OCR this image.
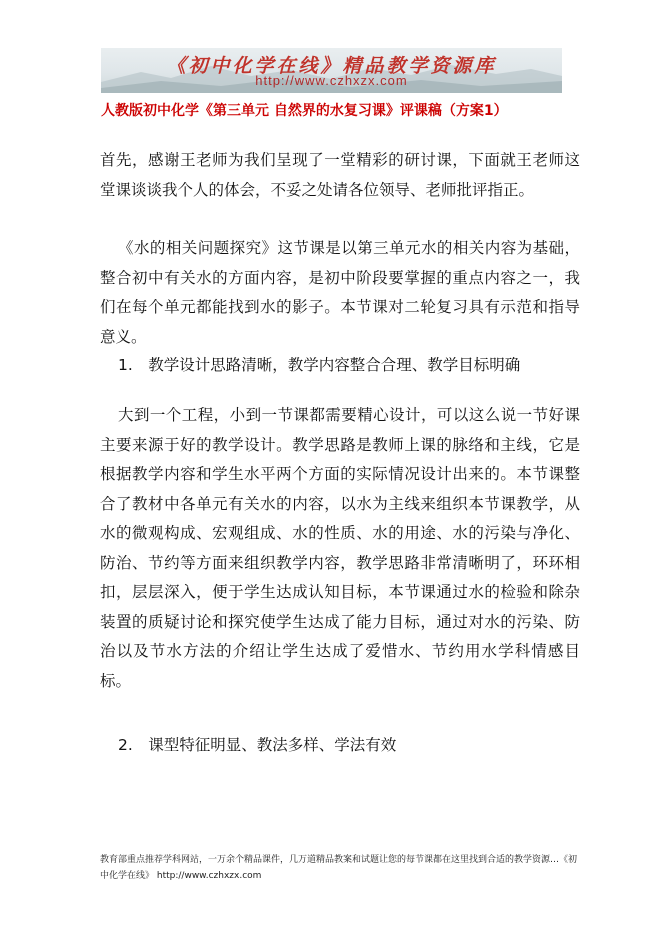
《初中化学在线》精品教学资源库
http://www.czhxzx.com
人教版初中化学《第三单元 自然界的水复习课》评课稿（方案1）
首先，感谢王老师为我们呈现了一堂精彩的研讨课，下面就王老师这堂课谈谈我个人的体会，不妥之处请各位领导、老师批评指正。
《水的相关问题探究》这节课是以第三单元水的相关内容为基础，整合初中有关水的方面内容，是初中阶段要掌握的重点内容之一，我们在每个单元都能找到水的影子。本节课对二轮复习具有示范和指导意义。
1.　教学设计思路清晰，教学内容整合合理、教学目标明确
大到一个工程，小到一节课都需要精心设计，可以这么说一节好课主要来源于好的教学设计。教学思路是教师上课的脉络和主线，它是根据教学内容和学生水平两个方面的实际情况设计出来的。本节课整合了教材中各单元有关水的内容，以水为主线来组织本节课教学，从水的微观构成、宏观组成、水的性质、水的用途、水的污染与净化、防治、节约等方面来组织教学内容，教学思路非常清晰明了，环环相扣，层层深入，便于学生达成认知目标，本节课通过水的检验和除杂装置的质疑讨论和探究使学生达成了能力目标，通过对水的污染、防治以及节水方法的介绍让学生达成了爱惜水、节约用水学科情感目标。
2.　课型特征明显、教法多样、学法有效
教育部重点推荐学科网站，一万余个精品课件，几万道精品教案和试题让您的每节课都在这里找到合适的教学资源…《初中化学在线》 http://www.czhxzx.com
